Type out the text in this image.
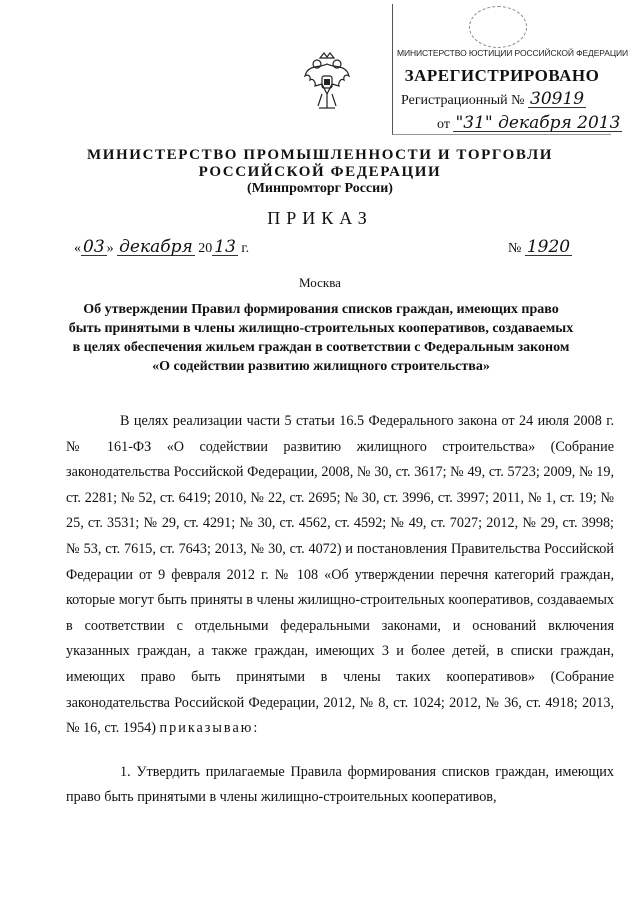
МИНИСТЕРСТВО ЮСТИЦИИ РОССИЙСКОЙ ФЕДЕРАЦИИ
ЗАРЕГИСТРИРОВАНО
Регистрационный № 30919
от "31" декабря 2013
МИНИСТЕРСТВО ПРОМЫШЛЕННОСТИ И ТОРГОВЛИ
РОССИЙСКОЙ ФЕДЕРАЦИИ
(Минпромторг России)
ПРИКАЗ
« 03 » декабря 20 13 г.	№ 1920
Москва
Об утверждении Правил формирования списков граждан, имеющих право быть принятыми в члены жилищно-строительных кооперативов, создаваемых в целях обеспечения жильем граждан в соответствии с Федеральным законом «О содействии развитию жилищного строительства»

В целях реализации части 5 статьи 16.5 Федерального закона от 24 июля 2008 г. № 161-ФЗ «О содействии развитию жилищного строительства» (Собрание законодательства Российской Федерации, 2008, № 30, ст. 3617; № 49, ст. 5723; 2009, № 19, ст. 2281; № 52, ст. 6419; 2010, № 22, ст. 2695; № 30, ст. 3996, ст. 3997; 2011, № 1, ст. 19; № 25, ст. 3531; № 29, ст. 4291; № 30, ст. 4562, ст. 4592; № 49, ст. 7027; 2012, № 29, ст. 3998; № 53, ст. 7615, ст. 7643; 2013, № 30, ст. 4072) и постановления Правительства Российской Федерации от 9 февраля 2012 г. № 108 «Об утверждении перечня категорий граждан, которые могут быть приняты в члены жилищно-строительных кооперативов, создаваемых в соответствии с отдельными федеральными законами, и оснований включения указанных граждан, а также граждан, имеющих 3 и более детей, в списки граждан, имеющих право быть принятыми в члены таких кооперативов» (Собрание законодательства Российской Федерации, 2012, № 8, ст. 1024; 2012, № 36, ст. 4918; 2013, № 16, ст. 1954) приказываю:

1. Утвердить прилагаемые Правила формирования списков граждан, имеющих право быть принятыми в члены жилищно-строительных кооперативов,
